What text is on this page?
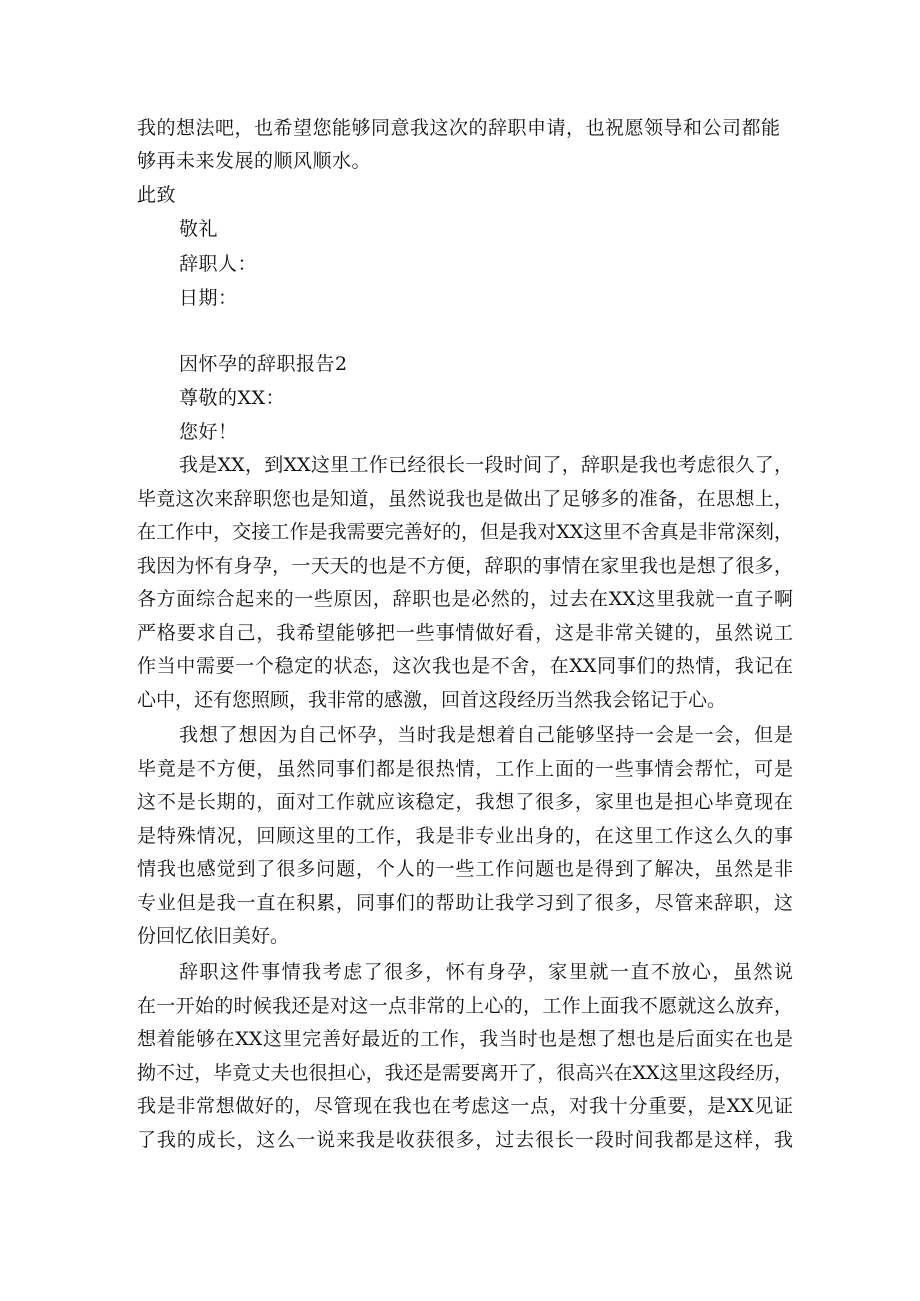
我的想法吧，也希望您能够同意我这次的辞职申请，也祝愿领导和公司都能
够再未来发展的顺风顺水。
此致
敬礼
辞职人：
日期：
因怀孕的辞职报告2
尊敬的XX：
您好！
我是XX，到XX这里工作已经很长一段时间了，辞职是我也考虑很久了，
毕竟这次来辞职您也是知道，虽然说我也是做出了足够多的准备，在思想上，
在工作中，交接工作是我需要完善好的，但是我对XX这里不舍真是非常深刻，
我因为怀有身孕，一天天的也是不方便，辞职的事情在家里我也是想了很多，
各方面综合起来的一些原因，辞职也是必然的，过去在XX这里我就一直子啊
严格要求自己，我希望能够把一些事情做好看，这是非常关键的，虽然说工
作当中需要一个稳定的状态，这次我也是不舍，在XX同事们的热情，我记在
心中，还有您照顾，我非常的感激，回首这段经历当然我会铭记于心。
我想了想因为自己怀孕，当时我是想着自己能够坚持一会是一会，但是
毕竟是不方便，虽然同事们都是很热情，工作上面的一些事情会帮忙，可是
这不是长期的，面对工作就应该稳定，我想了很多，家里也是担心毕竟现在
是特殊情况，回顾这里的工作，我是非专业出身的，在这里工作这么久的事
情我也感觉到了很多问题，个人的一些工作问题也是得到了解决，虽然是非
专业但是我一直在积累，同事们的帮助让我学习到了很多，尽管来辞职，这
份回忆依旧美好。
辞职这件事情我考虑了很多，怀有身孕，家里就一直不放心，虽然说
在一开始的时候我还是对这一点非常的上心的，工作上面我不愿就这么放弃，
想着能够在XX这里完善好最近的工作，我当时也是想了想也是后面实在也是
拗不过，毕竟丈夫也很担心，我还是需要离开了，很高兴在XX这里这段经历，
我是非常想做好的，尽管现在我也在考虑这一点，对我十分重要，是XX见证
了我的成长，这么一说来我是收获很多，过去很长一段时间我都是这样，我
